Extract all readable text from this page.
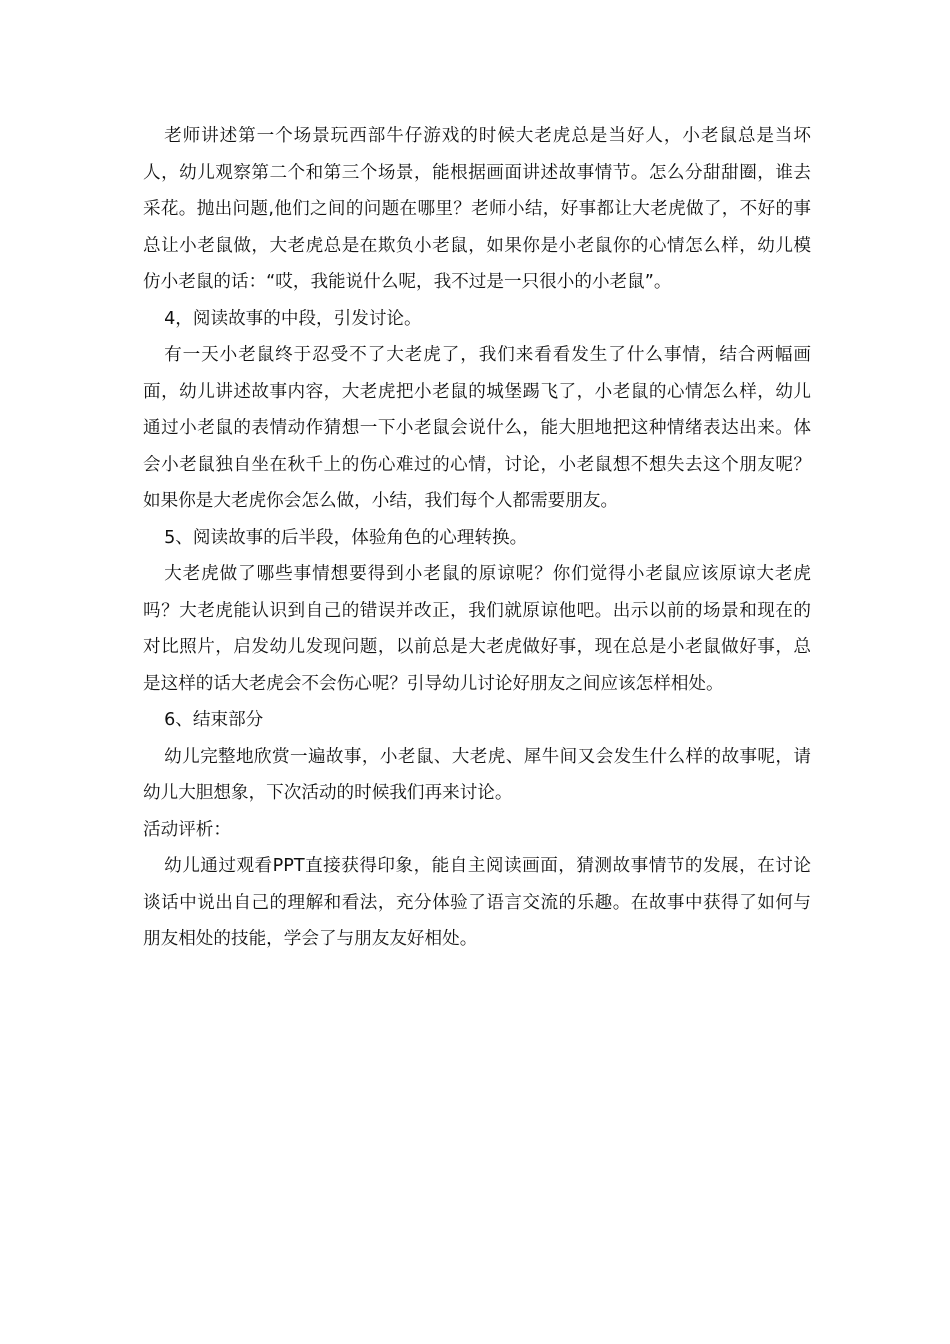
老师讲述第一个场景玩西部牛仔游戏的时候大老虎总是当好人，小老鼠总是当坏人，幼儿观察第二个和第三个场景，能根据画面讲述故事情节。怎么分甜甜圈，谁去采花。抛出问题,他们之间的问题在哪里？老师小结，好事都让大老虎做了，不好的事总让小老鼠做，大老虎总是在欺负小老鼠，如果你是小老鼠你的心情怎么样，幼儿模仿小老鼠的话：“哎，我能说什么呢，我不过是一只很小的小老鼠”。

4，阅读故事的中段，引发讨论。

有一天小老鼠终于忍受不了大老虎了，我们来看看发生了什么事情，结合两幅画面，幼儿讲述故事内容，大老虎把小老鼠的城堡踢飞了，小老鼠的心情怎么样，幼儿通过小老鼠的表情动作猜想一下小老鼠会说什么，能大胆地把这种情绪表达出来。体会小老鼠独自坐在秋千上的伤心难过的心情，讨论，小老鼠想不想失去这个朋友呢？如果你是大老虎你会怎么做，小结，我们每个人都需要朋友。

5、阅读故事的后半段，体验角色的心理转换。

大老虎做了哪些事情想要得到小老鼠的原谅呢？你们觉得小老鼠应该原谅大老虎吗？大老虎能认识到自己的错误并改正，我们就原谅他吧。出示以前的场景和现在的对比照片，启发幼儿发现问题，以前总是大老虎做好事，现在总是小老鼠做好事，总是这样的话大老虎会不会伤心呢？引导幼儿讨论好朋友之间应该怎样相处。

6、结束部分

幼儿完整地欣赏一遍故事，小老鼠、大老虎、犀牛间又会发生什么样的故事呢，请幼儿大胆想象，下次活动的时候我们再来讨论。

活动评析：

幼儿通过观看PPT直接获得印象，能自主阅读画面，猜测故事情节的发展，在讨论谈话中说出自己的理解和看法，充分体验了语言交流的乐趣。在故事中获得了如何与朋友相处的技能，学会了与朋友友好相处。
